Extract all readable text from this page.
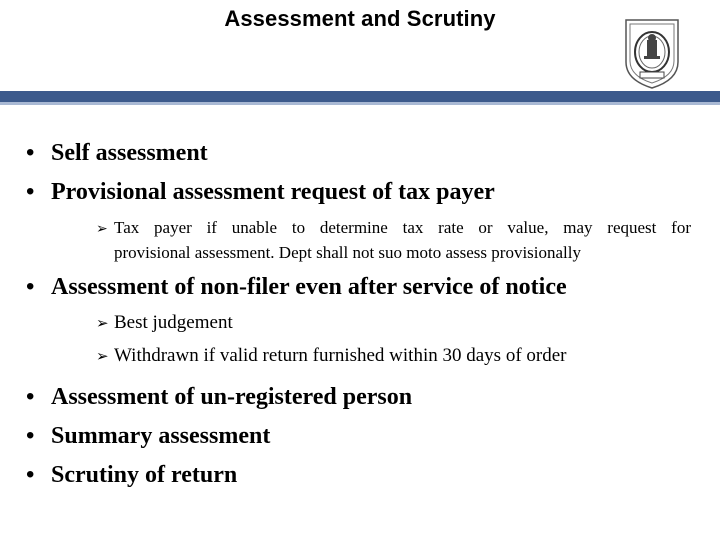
Assessment and Scrutiny
• Self assessment
• Provisional assessment request of tax payer
➢ Tax payer if unable to determine tax rate or value, may request for
provisional assessment. Dept shall not suo moto assess provisionally
• Assessment of non-filer even after service of notice
➢ Best judgement
➢ Withdrawn if valid return furnished within 30 days of order
• Assessment of un-registered person
• Summary assessment
• Scrutiny of return
